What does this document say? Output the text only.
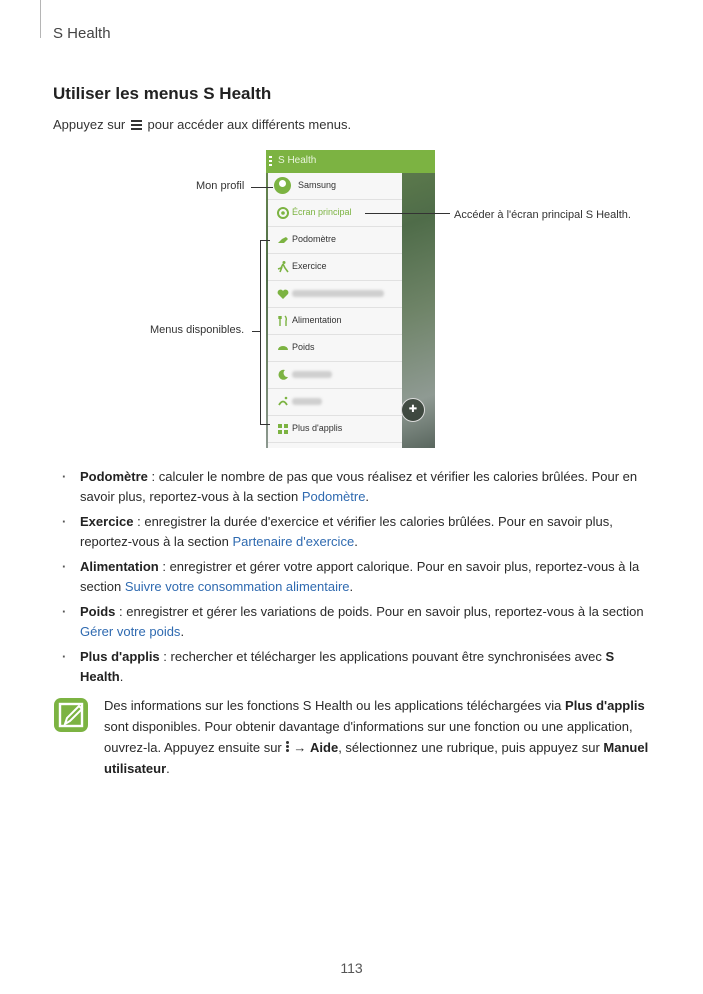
S Health
Utiliser les menus S Health
Appuyez sur pour accéder aux différents menus.
S Health
Samsung
Écran principal
Podomètre
Exercice
Alimentation
Poids
Plus d'applis
✚
Mon profil
Accéder à l'écran principal S Health.
Menus disponibles.
· Podomètre : calculer le nombre de pas que vous réalisez et vérifier les calories brûlées. Pour en savoir plus, reportez-vous à la section Podomètre.
· Exercice : enregistrer la durée d'exercice et vérifier les calories brûlées. Pour en savoir plus, reportez-vous à la section Partenaire d'exercice.
· Alimentation : enregistrer et gérer votre apport calorique. Pour en savoir plus, reportez-vous à la section Suivre votre consommation alimentaire.
· Poids : enregistrer et gérer les variations de poids. Pour en savoir plus, reportez-vous à la section Gérer votre poids.
· Plus d'applis : rechercher et télécharger les applications pouvant être synchronisées avec S Health.
Des informations sur les fonctions S Health ou les applications téléchargées via Plus d'applis sont disponibles. Pour obtenir davantage d'informations sur une fonction ou une application, ouvrez-la. Appuyez ensuite sur
→ Aide, sélectionnez une rubrique, puis appuyez sur Manuel utilisateur.
113
